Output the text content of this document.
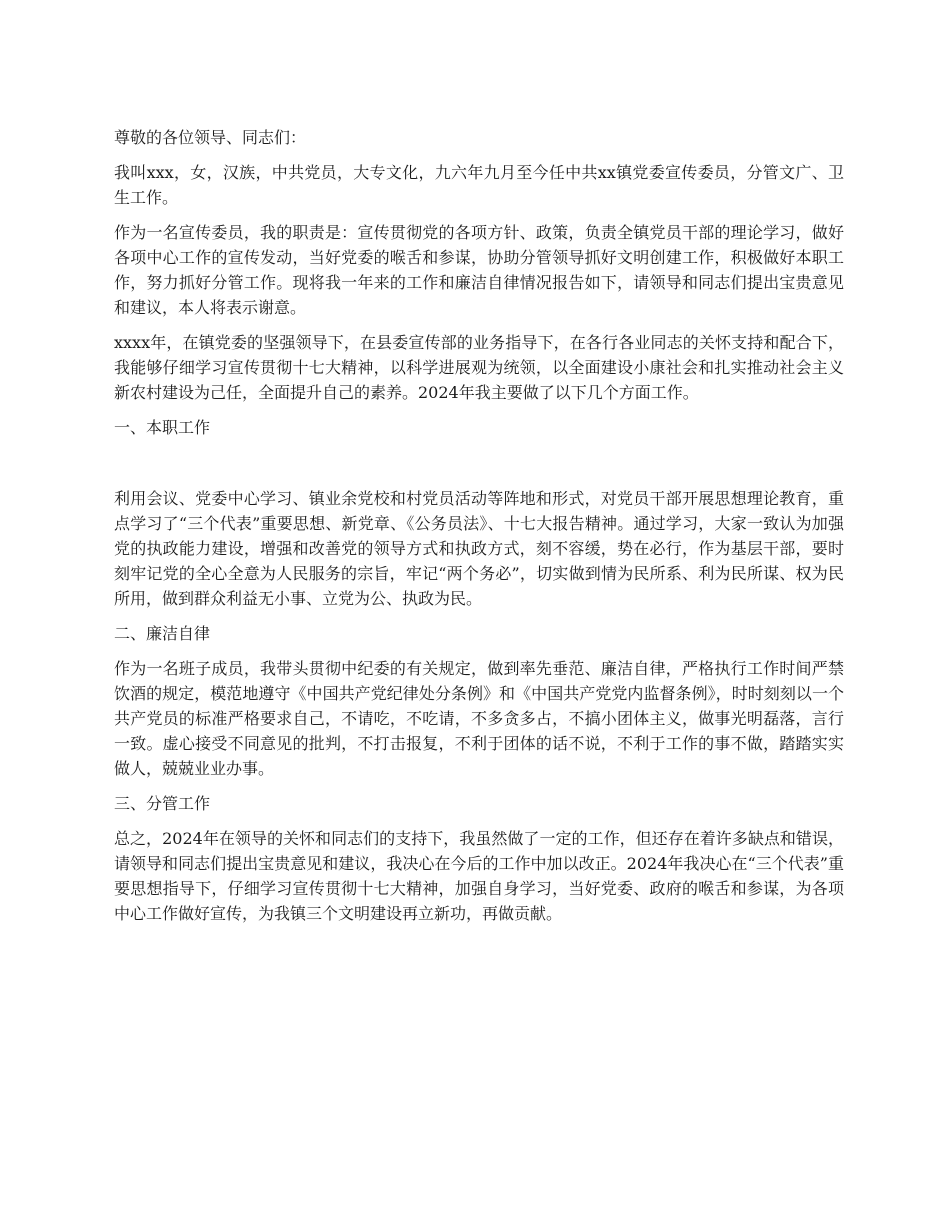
尊敬的各位领导、同志们：

我叫xxx，女，汉族，中共党员，大专文化，九六年九月至今任中共xx镇党委宣传委员，分管文广、卫生工作。

作为一名宣传委员，我的职责是：宣传贯彻党的各项方针、政策，负责全镇党员干部的理论学习，做好各项中心工作的宣传发动，当好党委的喉舌和参谋，协助分管领导抓好文明创建工作，积极做好本职工作，努力抓好分管工作。现将我一年来的工作和廉洁自律情况报告如下，请领导和同志们提出宝贵意见和建议，本人将表示谢意。

xxxx年，在镇党委的坚强领导下，在县委宣传部的业务指导下，在各行各业同志的关怀支持和配合下，我能够仔细学习宣传贯彻十七大精神，以科学进展观为统领，以全面建设小康社会和扎实推动社会主义新农村建设为己任，全面提升自己的素养。2024年我主要做了以下几个方面工作。

一、本职工作

利用会议、党委中心学习、镇业余党校和村党员活动等阵地和形式，对党员干部开展思想理论教育，重点学习了“三个代表”重要思想、新党章、《公务员法》、十七大报告精神。通过学习，大家一致认为加强党的执政能力建设，增强和改善党的领导方式和执政方式，刻不容缓，势在必行，作为基层干部，要时刻牢记党的全心全意为人民服务的宗旨，牢记“两个务必”，切实做到情为民所系、利为民所谋、权为民所用，做到群众利益无小事、立党为公、执政为民。

二、廉洁自律

作为一名班子成员，我带头贯彻中纪委的有关规定，做到率先垂范、廉洁自律，严格执行工作时间严禁饮酒的规定，模范地遵守《中国共产党纪律处分条例》和《中国共产党党内监督条例》，时时刻刻以一个共产党员的标准严格要求自己，不请吃，不吃请，不多贪多占，不搞小团体主义，做事光明磊落，言行一致。虚心接受不同意见的批判，不打击报复，不利于团体的话不说，不利于工作的事不做，踏踏实实做人，兢兢业业办事。

三、分管工作

总之，2024年在领导的关怀和同志们的支持下，我虽然做了一定的工作，但还存在着许多缺点和错误，请领导和同志们提出宝贵意见和建议，我决心在今后的工作中加以改正。2024年我决心在“三个代表”重要思想指导下，仔细学习宣传贯彻十七大精神，加强自身学习，当好党委、政府的喉舌和参谋，为各项中心工作做好宣传，为我镇三个文明建设再立新功，再做贡献。
